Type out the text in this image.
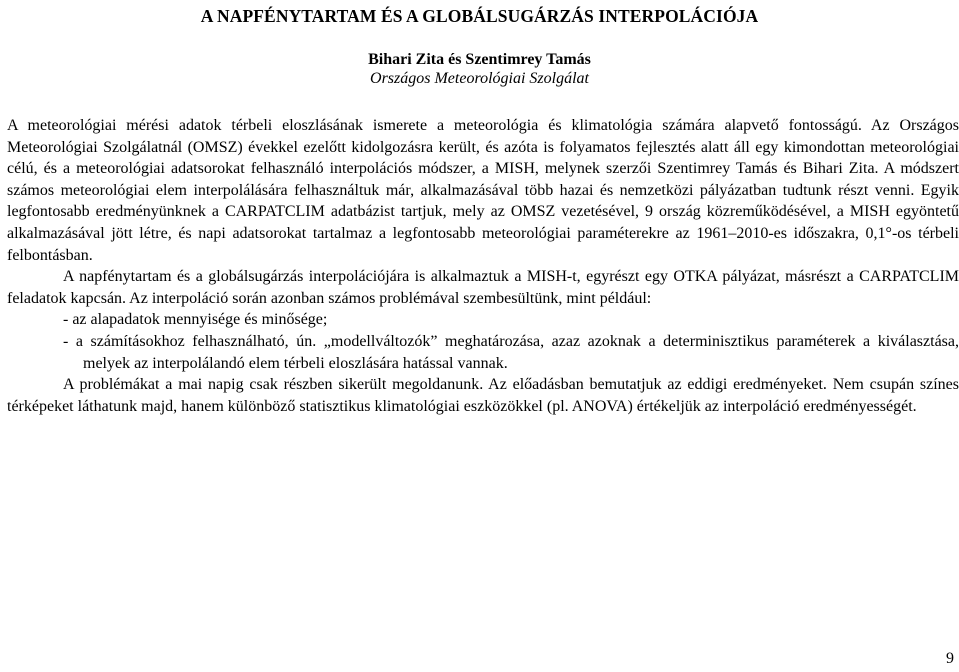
A NAPFÉNYTARTAM ÉS A GLOBÁLSUGÁRZÁS INTERPOLÁCIÓJA
Bihari Zita és Szentimrey Tamás
Országos Meteorológiai Szolgálat

A meteorológiai mérési adatok térbeli eloszlásának ismerete a meteorológia és klimatológia számára alapvető fontosságú. Az Országos Meteorológiai Szolgálatnál (OMSZ) évekkel ezelőtt kidolgozásra került, és azóta is folyamatos fejlesztés alatt áll egy kimondottan meteorológiai célú, és a meteorológiai adatsorokat felhasználó interpolációs módszer, a MISH, melynek szerzői Szentimrey Tamás és Bihari Zita. A módszert számos meteorológiai elem interpolálására felhasználtuk már, alkalmazásával több hazai és nemzetközi pályázatban tudtunk részt venni. Egyik legfontosabb eredményünknek a CARPATCLIM adatbázist tartjuk, mely az OMSZ vezetésével, 9 ország közreműködésével, a MISH egyöntetű alkalmazásával jött létre, és napi adatsorokat tartalmaz a legfontosabb meteorológiai paraméterekre az 1961–2010-es időszakra, 0,1°-os térbeli felbontásban.

A napfénytartam és a globálsugárzás interpolációjára is alkalmaztuk a MISH-t, egyrészt egy OTKA pályázat, másrészt a CARPATCLIM feladatok kapcsán. Az interpoláció során azonban számos problémával szembesültünk, mint például:

- az alapadatok mennyisége és minősége;

- a számításokhoz felhasználható, ún. „modellváltozók” meghatározása, azaz azoknak a determinisztikus paraméterek a kiválasztása, melyek az interpolálandó elem térbeli eloszlására hatással vannak.

A problémákat a mai napig csak részben sikerült megoldanunk. Az előadásban bemutatjuk az eddigi eredményeket. Nem csupán színes térképeket láthatunk majd, hanem különböző statisztikus klimatológiai eszközökkel (pl. ANOVA) értékeljük az interpoláció eredményességét.

9
